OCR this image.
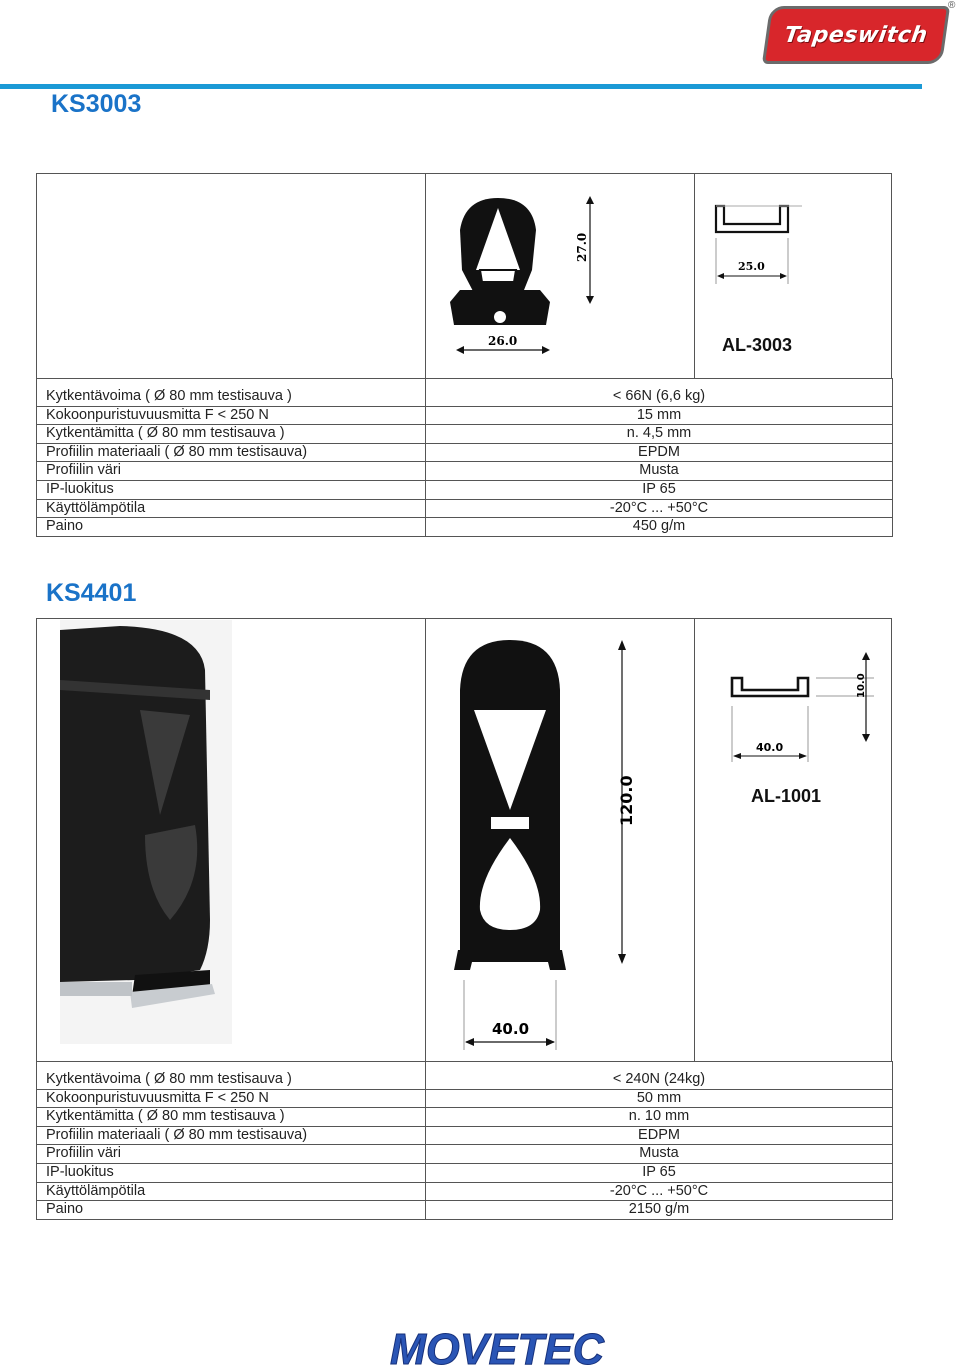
Tapeswitch
®
KS3003
26.0
27.0
25.0
AL-3003
Kytkentävoima ( Ø 80 mm testisauva )	< 66N (6,6 kg)
Kokoonpuristuvuusmitta F < 250 N	15 mm
Kytkentämitta ( Ø 80 mm testisauva )	n. 4,5 mm
Profiilin materiaali ( Ø 80 mm testisauva)	EPDM
Profiilin väri	Musta
IP-luokitus	IP 65
Käyttölämpötila	-20°C ... +50°C
Paino	450 g/m
KS4401
120.0
40.0
10.0
40.0
AL-1001
Kytkentävoima ( Ø 80 mm testisauva )	< 240N (24kg)
Kokoonpuristuvuusmitta F < 250 N	50 mm
Kytkentämitta ( Ø 80 mm testisauva )	n. 10 mm
Profiilin materiaali ( Ø 80 mm testisauva)	EDPM
Profiilin väri	Musta
IP-luokitus	IP 65
Käyttölämpötila	-20°C ... +50°C
Paino	2150 g/m
MOVETEC
